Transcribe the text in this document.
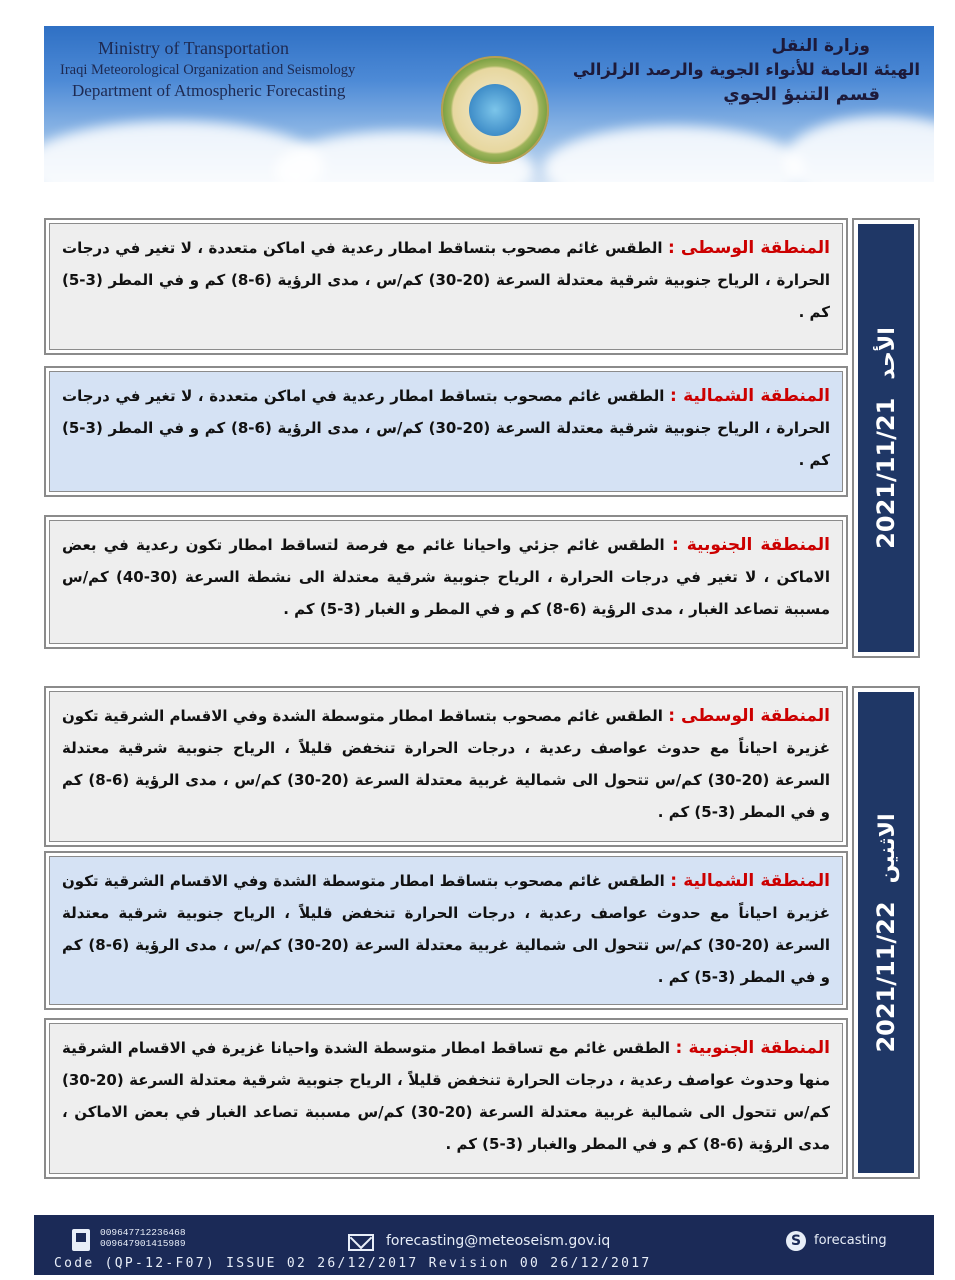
Ministry of Transportation
Iraqi Meteorological Organization and Seismology
Department of Atmospheric Forecasting
وزارة النقل
الهيئة العامة للأنواء الجوية والرصد الزلزالي
قسم التنبؤ الجوي
المنطقة الوسطى : الطقس غائم مصحوب بتساقط امطار رعدية في اماكن متعددة ، لا تغير في درجات الحرارة ، الرياح جنوبية شرقية معتدلة السرعة (20-30) كم/س ، مدى الرؤية (6-8) كم و في المطر (3-5) كم .
المنطقة الشمالية : الطقس غائم مصحوب بتساقط امطار رعدية في اماكن متعددة ، لا تغير في درجات الحرارة ، الرياح جنوبية شرقية معتدلة السرعة (20-30) كم/س ، مدى الرؤية (6-8) كم و في المطر (3-5) كم .
المنطقة الجنوبية : الطقس غائم جزئي واحيانا غائم مع فرصة لتساقط امطار تكون رعدية في بعض الاماكن ، لا تغير في درجات الحرارة ، الرياح جنوبية شرقية معتدلة الى نشطة السرعة (30-40) كم/س مسببة تصاعد الغبار ، مدى الرؤية (6-8) كم و في المطر و الغبار (3-5) كم .
2021/11/21الأحد
المنطقة الوسطى : الطقس غائم مصحوب بتساقط امطار متوسطة الشدة وفي الاقسام الشرقية تكون غزيرة احياناً مع حدوث عواصف رعدية ، درجات الحرارة تنخفض قليلاً ، الرياح جنوبية شرقية معتدلة السرعة (20-30) كم/س تتحول الى شمالية غربية معتدلة السرعة (20-30) كم/س ، مدى الرؤية (6-8) كم و في المطر (3-5) كم .
المنطقة الشمالية : الطقس غائم مصحوب بتساقط امطار متوسطة الشدة وفي الاقسام الشرقية تكون غزيرة احياناً مع حدوث عواصف رعدية ، درجات الحرارة تنخفض قليلاً ، الرياح جنوبية شرقية معتدلة السرعة (20-30) كم/س تتحول الى شمالية غربية معتدلة السرعة (20-30) كم/س ، مدى الرؤية (6-8) كم و في المطر (3-5) كم .
المنطقة الجنوبية : الطقس غائم مع تساقط امطار متوسطة الشدة واحيانا غزيرة في الاقسام الشرقية منها وحدوث عواصف رعدية ، درجات الحرارة تنخفض قليلاً ، الرياح جنوبية شرقية معتدلة السرعة (20-30) كم/س تتحول الى شمالية غربية معتدلة السرعة (20-30) كم/س مسببة تصاعد الغبار في بعض الاماكن ، مدى الرؤية (6-8) كم و في المطر والغبار (3-5) كم .
2021/11/22الاثنين
009647712236468
009647901415989	forecasting@meteoseism.gov.iq	S forecasting
Code (QP-12-F07) ISSUE 02 26/12/2017 Revision 00 26/12/2017
